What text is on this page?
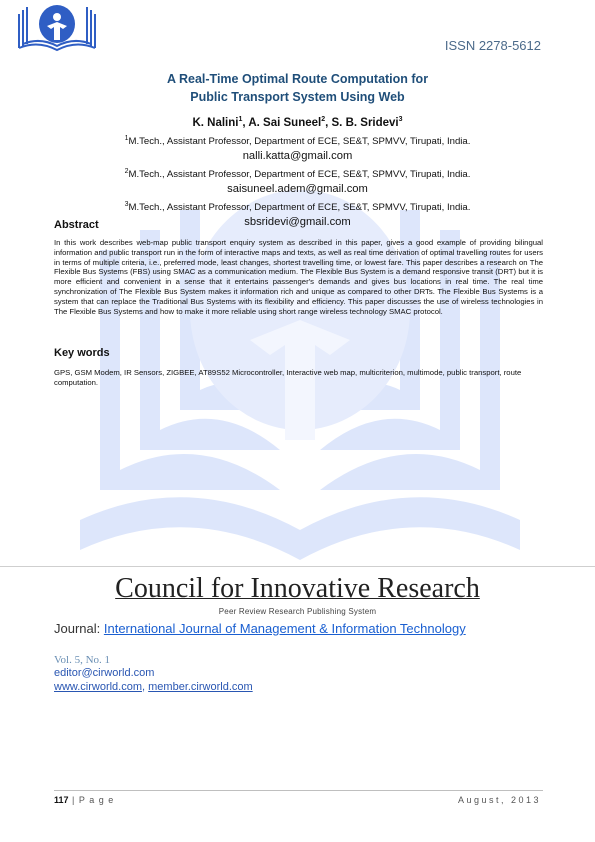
ISSN 2278-5612
A Real-Time Optimal Route Computation for
Public Transport System Using Web
K. Nalini$^1$, A. Sai Suneel$^2$, S. B. Sridevi$^3$
$^1$M.Tech., Assistant Professor, Department of ECE, SE&T, SPMVV, Tirupati, India.
nalli.katta@gmail.com
$^2$M.Tech., Assistant Professor, Department of ECE, SE&T, SPMVV, Tirupati, India.
saisuneel.adem@gmail.com
$^3$M.Tech., Assistant Professor, Department of ECE, SE&T, SPMVV, Tirupati, India.
sbsridevi@gmail.com
Abstract
In this work describes web-map public transport enquiry system as described in this paper, gives a good example of providing bilingual information and public transport run in the form of interactive maps and texts, as well as real time derivation of optimal travelling routes for users in terms of multiple criteria, i.e., preferred mode, least changes, shortest travelling time, or lowest fare. This paper describes a research on The Flexible Bus Systems (FBS) using SMAC as a communication medium. The Flexible Bus System is a demand responsive transit (DRT) but it is more efficient and convenient in a sense that it entertains passenger's demands and gives bus locations in real time. The real time synchronization of The Flexible Bus System makes it information rich and unique as compared to other DRTs. The Flexible Bus Systems is a system that can replace the Traditional Bus Systems with its flexibility and efficiency. This paper discusses the use of wireless technologies in The Flexible Bus Systems and how to make it more reliable using short range wireless technology SMAC protocol.
Key words
GPS, GSM Modem, IR Sensors, ZIGBEE, AT89S52 Microcontroller, Interactive web map, multicriterion, multimode, public transport, route computation.
Council for Innovative Research
Peer Review Research Publishing System
Journal: International Journal of Management & Information Technology
Vol. 5, No. 1
editor@cirworld.com
www.cirworld.com, member.cirworld.com
117 | P a g e	August, 2013
